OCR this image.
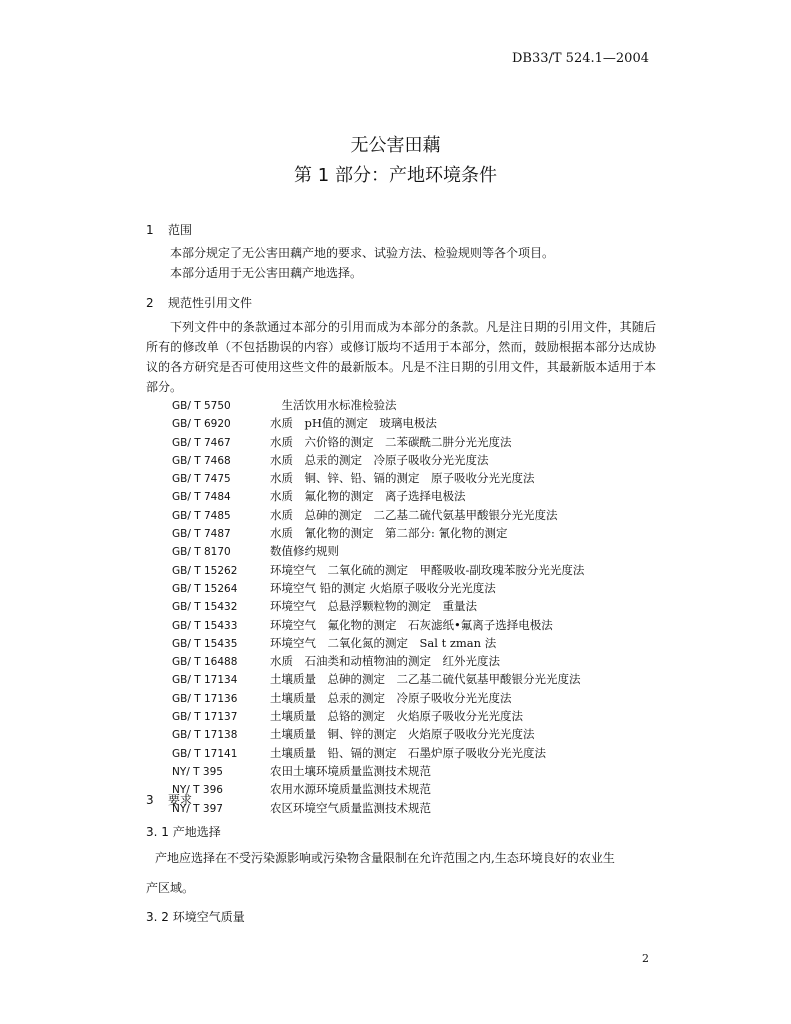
DB33/T 524.1—2004
无公害田藕
第 1 部分：产地环境条件
1 范围
本部分规定了无公害田藕产地的要求、试验方法、检验规则等各个项目。
本部分适用于无公害田藕产地选择。
2 规范性引用文件
下列文件中的条款通过本部分的引用而成为本部分的条款。凡是注日期的引用文件，其随后所有的修改单（不包括勘误的内容）或修订版均不适用于本部分，然而，鼓励根据本部分达成协议的各方研究是否可使用这些文件的最新版本。凡是不注日期的引用文件，其最新版本适用于本部分。
GB/ T 5750	　生活饮用水标准检验法
GB/ T 6920	水质　pH值的测定　玻璃电极法
GB/ T 7467	水质　六价铬的测定　二苯碳酰二肼分光光度法
GB/ T 7468	水质　总汞的测定　冷原子吸收分光光度法
GB/ T 7475	水质　铜、锌、铅、镉的测定　原子吸收分光光度法
GB/ T 7484	水质　氟化物的测定　离子选择电极法
GB/ T 7485	水质　总砷的测定　二乙基二硫代氨基甲酸银分光光度法
GB/ T 7487	水质　氰化物的测定　第二部分: 氰化物的测定
GB/ T 8170	数值修约规则
GB/ T 15262	环境空气　二氧化硫的测定　甲醛吸收-副玫瑰苯胺分光光度法
GB/ T 15264	环境空气 铅的测定 火焰原子吸收分光光度法
GB/ T 15432	环境空气　总悬浮颗粒物的测定　重量法
GB/ T 15433	环境空气　氟化物的测定　石灰滤纸•氟离子选择电极法
GB/ T 15435	环境空气　二氧化氮的测定　Sal t zman 法
GB/ T 16488	水质　石油类和动植物油的测定　红外光度法
GB/ T 17134	土壤质量　总砷的测定　二乙基二硫代氨基甲酸银分光光度法
GB/ T 17136	土壤质量　总汞的测定　冷原子吸收分光光度法
GB/ T 17137	土壤质量　总铬的测定　火焰原子吸收分光光度法
GB/ T 17138	土壤质量　铜、锌的测定　火焰原子吸收分光光度法
GB/ T 17141	土壤质量　铅、镉的测定　石墨炉原子吸收分光光度法
NY/ T 395	农田土壤环境质量监测技术规范
NY/ T 396	农用水源环境质量监测技术规范
NY/ T 397	农区环境空气质量监测技术规范
3 要求
3. 1 产地选择
产地应选择在不受污染源影响或污染物含量限制在允许范围之内,生态环境良好的农业生
产区域。
3. 2 环境空气质量
2
